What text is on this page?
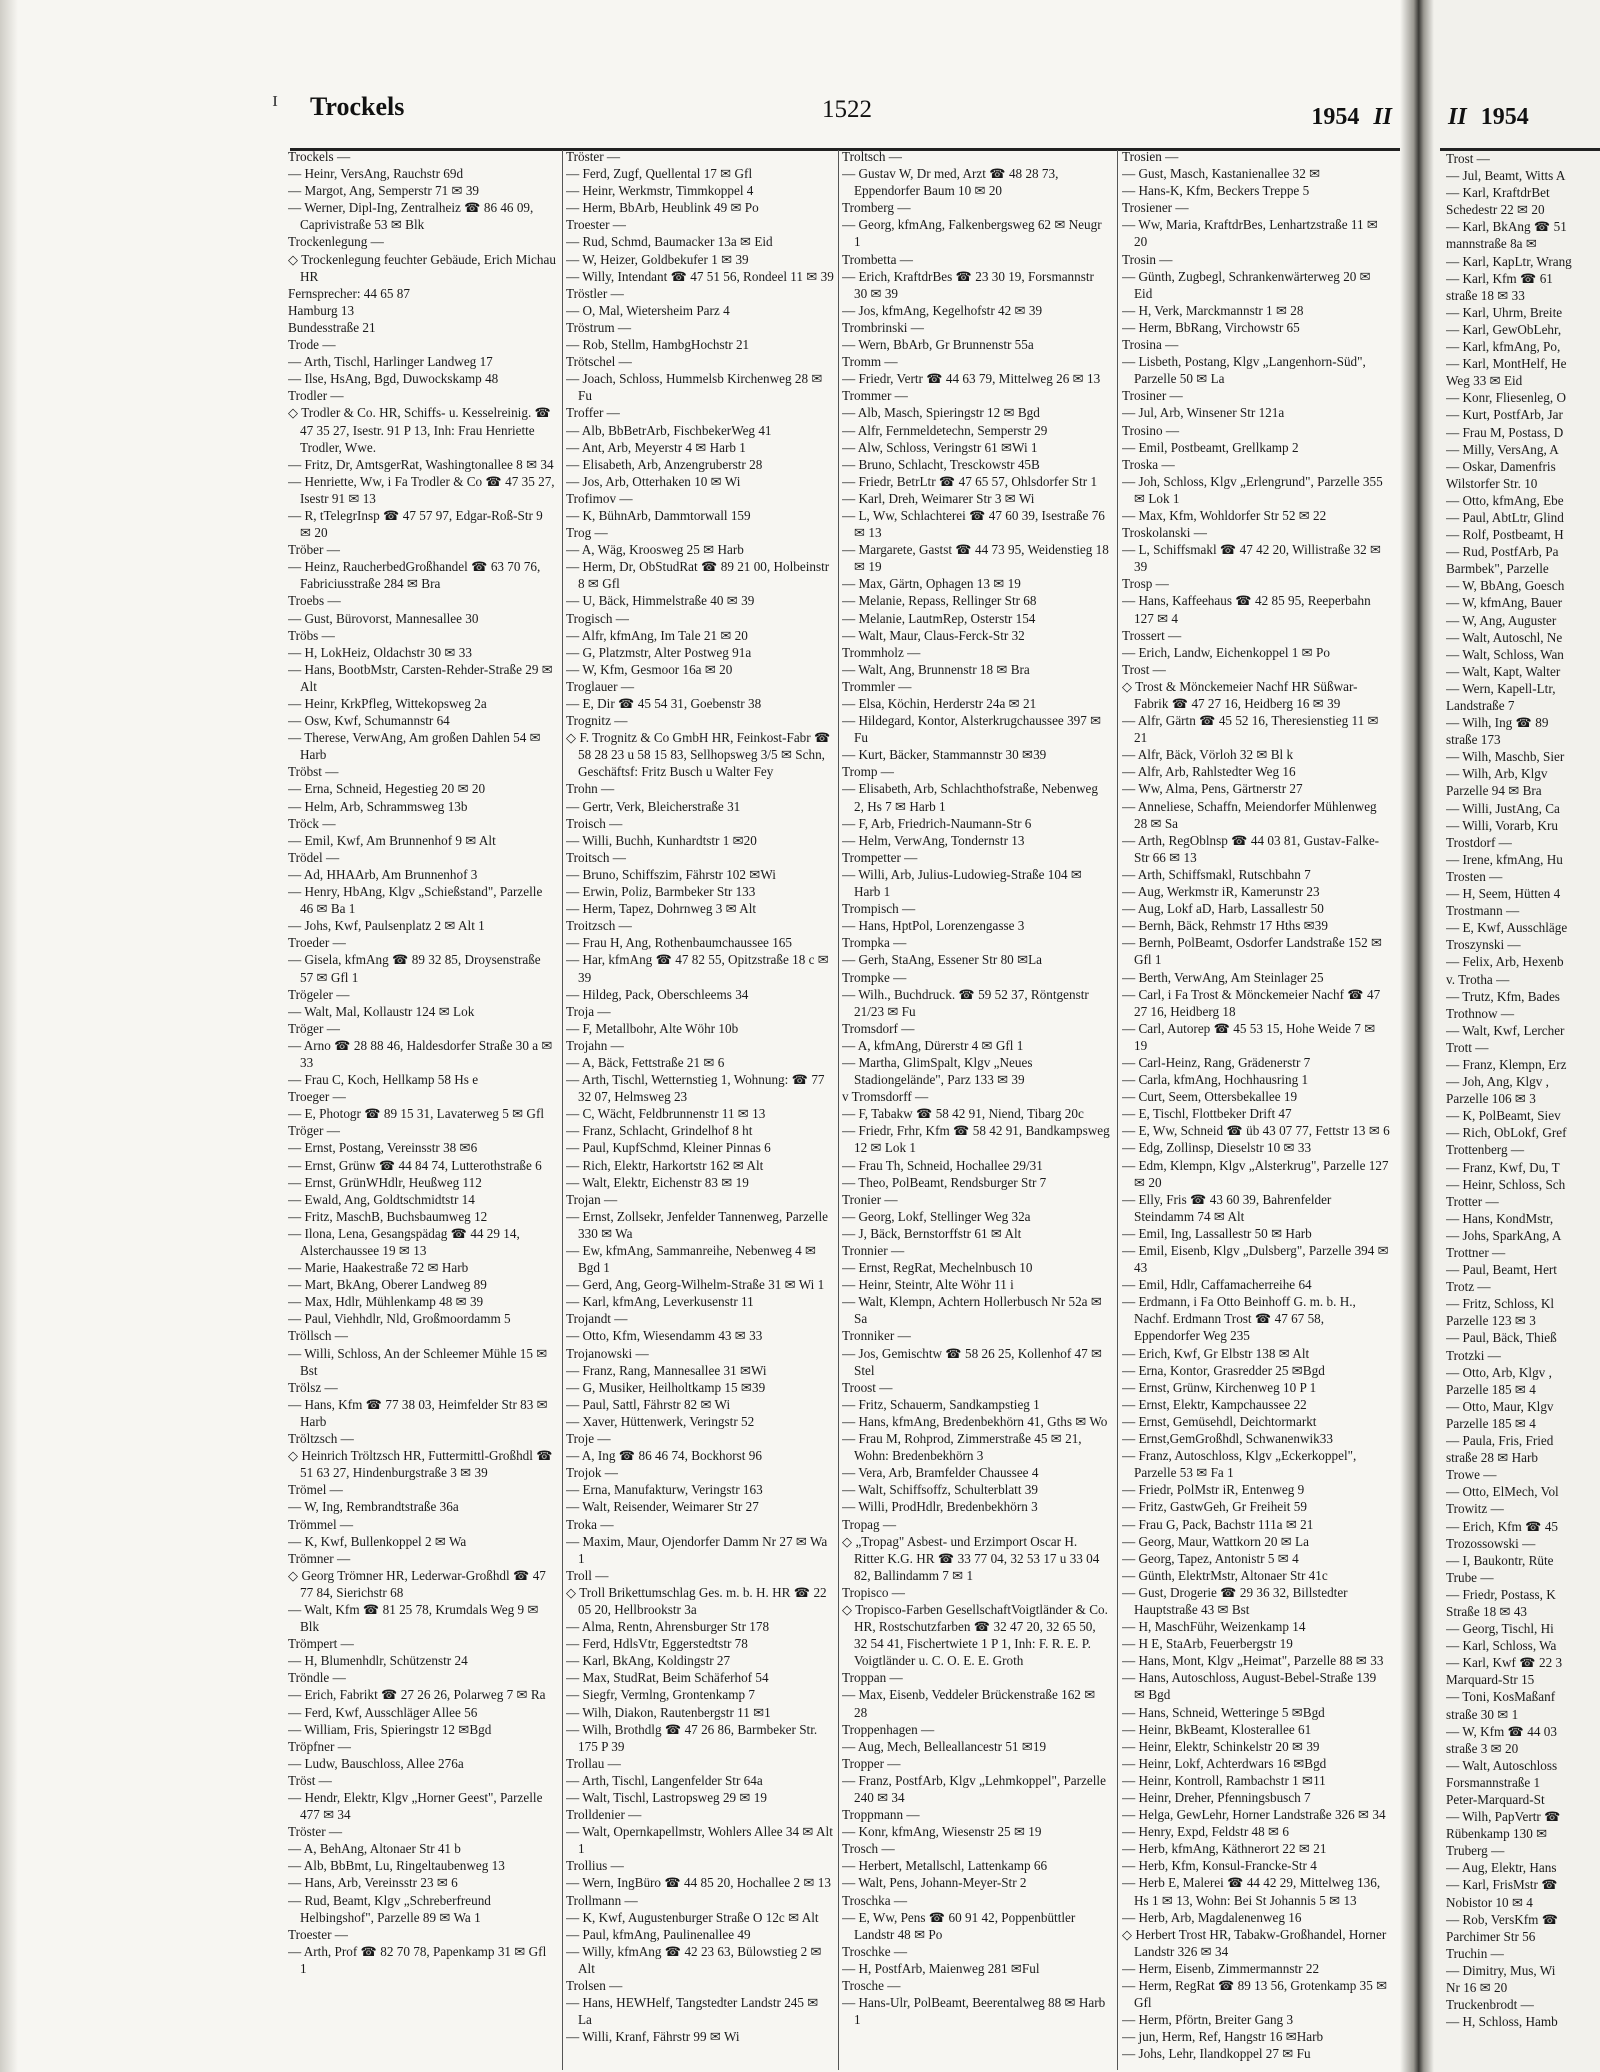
ɪ Trockels	1522	1954 II

Trockels —

— Heinr, VersAng, Rauchstr 69d

— Margot, Ang, Semperstr 71 ✉ 39

— Werner, Dipl-Ing, Zentralheiz ☎ 86 46 09, Caprivistraße 53 ✉ Blk

Trockenlegung —

◇ Trockenlegung feuchter Gebäude, Erich Michau HR

Fernsprecher: 44 65 87

Hamburg 13

Bundesstraße 21

Trode —

— Arth, Tischl, Harlinger Landweg 17

— Ilse, HsAng, Bgd, Duwockskamp 48

Trodler —

◇ Trodler & Co. HR, Schiffs- u. Kesselreinig. ☎ 47 35 27, Isestr. 91 P 13, Inh: Frau Henriette Trodler, Wwe.

— Fritz, Dr, AmtsgerRat, Washingtonallee 8 ✉ 34

— Henriette, Ww, i Fa Trodler & Co ☎ 47 35 27, Isestr 91 ✉ 13

— R, tTelegrInsp ☎ 47 57 97, Edgar-Roß-Str 9 ✉ 20

Tröber —

— Heinz, RaucherbedGroßhandel ☎ 63 70 76, Fabriciusstraße 284 ✉ Bra

Troebs —

— Gust, Bürovorst, Mannesallee 30

Tröbs —

— H, LokHeiz, Oldachstr 30 ✉ 33

— Hans, BootbMstr, Carsten-Rehder-Straße 29 ✉ Alt

— Heinr, KrkPfleg, Wittekopsweg 2a

— Osw, Kwf, Schumannstr 64

— Therese, VerwAng, Am großen Dahlen 54 ✉ Harb

Tröbst —

— Erna, Schneid, Hegestieg 20 ✉ 20

— Helm, Arb, Schrammsweg 13b

Tröck —

— Emil, Kwf, Am Brunnenhof 9 ✉ Alt

Trödel —

— Ad, HHAArb, Am Brunnenhof 3

— Henry, HbAng, Klgv „Schießstand", Parzelle 46 ✉ Ba 1

— Johs, Kwf, Paulsenplatz 2 ✉ Alt 1

Troeder —

— Gisela, kfmAng ☎ 89 32 85, Droysenstraße 57 ✉ Gfl 1

Trögeler —

— Walt, Mal, Kollaustr 124 ✉ Lok

Tröger —

— Arno ☎ 28 88 46, Haldesdorfer Straße 30 a ✉ 33

— Frau C, Koch, Hellkamp 58 Hs e

Troeger —

— E, Photogr ☎ 89 15 31, Lavaterweg 5 ✉ Gfl

Tröger —

— Ernst, Postang, Vereinsstr 38 ✉6

— Ernst, Grünw ☎ 44 84 74, Lutterothstraße 6

— Ernst, GrünWHdlr, Heußweg 112

— Ewald, Ang, Goldtschmidtstr 14

— Fritz, MaschB, Buchsbaumweg 12

— Ilona, Lena, Gesangspädag ☎ 44 29 14, Alsterchaussee 19 ✉ 13

— Marie, Haakestraße 72 ✉ Harb

— Mart, BkAng, Oberer Landweg 89

— Max, Hdlr, Mühlenkamp 48 ✉ 39

— Paul, Viehhdlr, Nld, Großmoordamm 5

Tröllsch —

— Willi, Schloss, An der Schleemer Mühle 15 ✉ Bst

Trölsz —

— Hans, Kfm ☎ 77 38 03, Heimfelder Str 83 ✉ Harb

Tröltzsch —

◇ Heinrich Tröltzsch HR, Futtermittl-Großhdl ☎ 51 63 27, Hindenburgstraße 3 ✉ 39

Trömel —

— W, Ing, Rembrandtstraße 36a

Trömmel —

— K, Kwf, Bullenkoppel 2 ✉ Wa

Trömner —

◇ Georg Trömner HR, Lederwar-Großhdl ☎ 47 77 84, Sierichstr 68

— Walt, Kfm ☎ 81 25 78, Krumdals Weg 9 ✉ Blk

Trömpert —

— H, Blumenhdlr, Schützenstr 24

Tröndle —

— Erich, Fabrikt ☎ 27 26 26, Polarweg 7 ✉ Ra

— Ferd, Kwf, Ausschläger Allee 56

— William, Fris, Spieringstr 12 ✉Bgd

Tröpfner —

— Ludw, Bauschloss, Allee 276a

Tröst —

— Hendr, Elektr, Klgv „Horner Geest", Parzelle 477 ✉ 34

Tröster —

— A, BehAng, Altonaer Str 41 b

— Alb, BbBmt, Lu, Ringeltaubenweg 13

— Hans, Arb, Vereinsstr 23 ✉ 6

— Rud, Beamt, Klgv „Schreberfreund Helbingshof", Parzelle 89 ✉ Wa 1

Troester —

— Arth, Prof ☎ 82 70 78, Papenkamp 31 ✉ Gfl 1

Tröster —

— Ferd, Zugf, Quellental 17 ✉ Gfl

— Heinr, Werkmstr, Timmkoppel 4

— Herm, BbArb, Heublink 49 ✉ Po

Troester —

— Rud, Schmd, Baumacker 13a ✉ Eid

— W, Heizer, Goldbekufer 1 ✉ 39

— Willy, Intendant ☎ 47 51 56, Rondeel 11 ✉ 39

Tröstler —

— O, Mal, Wietersheim Parz 4

Tröstrum —

— Rob, Stellm, HambgHochstr 21

Trötschel —

— Joach, Schloss, Hummelsb Kirchenweg 28 ✉ Fu

Troffer —

— Alb, BbBetrArb, FischbekerWeg 41

— Ant, Arb, Meyerstr 4 ✉ Harb 1

— Elisabeth, Arb, Anzengruberstr 28

— Jos, Arb, Otterhaken 10 ✉ Wi

Trofimov —

— K, BühnArb, Dammtorwall 159

Trog —

— A, Wäg, Kroosweg 25 ✉ Harb

— Herm, Dr, ObStudRat ☎ 89 21 00, Holbeinstr 8 ✉ Gfl

— U, Bäck, Himmelstraße 40 ✉ 39

Trogisch —

— Alfr, kfmAng, Im Tale 21 ✉ 20

— G, Platzmstr, Alter Postweg 91a

— W, Kfm, Gesmoor 16a ✉ 20

Troglauer —

— E, Dir ☎ 45 54 31, Goebenstr 38

Trognitz —

◇ F. Trognitz & Co GmbH HR, Feinkost-Fabr ☎ 58 28 23 u 58 15 83, Sellhopsweg 3/5 ✉ Schn, Geschäftsf: Fritz Busch u Walter Fey

Trohn —

— Gertr, Verk, Bleicherstraße 31

Troisch —

— Willi, Buchh, Kunhardtstr 1 ✉20

Troitsch —

— Bruno, Schiffszim, Fährstr 102 ✉Wi

— Erwin, Poliz, Barmbeker Str 133

— Herm, Tapez, Dohrnweg 3 ✉ Alt

Troitzsch —

— Frau H, Ang, Rothenbaumchaussee 165

— Har, kfmAng ☎ 47 82 55, Opitzstraße 18 c ✉ 39

— Hildeg, Pack, Oberschleems 34

Troja —

— F, Metallbohr, Alte Wöhr 10b

Trojahn —

— A, Bäck, Fettstraße 21 ✉ 6

— Arth, Tischl, Wetternstieg 1, Wohnung: ☎ 77 32 07, Helmsweg 23

— C, Wächt, Feldbrunnenstr 11 ✉ 13

— Franz, Schlacht, Grindelhof 8 ht

— Paul, KupfSchmd, Kleiner Pinnas 6

— Rich, Elektr, Harkortstr 162 ✉ Alt

— Walt, Elektr, Eichenstr 83 ✉ 19

Trojan —

— Ernst, Zollsekr, Jenfelder Tannenweg, Parzelle 330 ✉ Wa

— Ew, kfmAng, Sammanreihe, Nebenweg 4 ✉ Bgd 1

— Gerd, Ang, Georg-Wilhelm-Straße 31 ✉ Wi 1

— Karl, kfmAng, Leverkusenstr 11

Trojandt —

— Otto, Kfm, Wiesendamm 43 ✉ 33

Trojanowski —

— Franz, Rang, Mannesallee 31 ✉Wi

— G, Musiker, Heilholtkamp 15 ✉39

— Paul, Sattl, Fährstr 82 ✉ Wi

— Xaver, Hüttenwerk, Veringstr 52

Troje —

— A, Ing ☎ 86 46 74, Bockhorst 96

Trojok —

— Erna, Manufakturw, Veringstr 163

— Walt, Reisender, Weimarer Str 27

Troka —

— Maxim, Maur, Ojendorfer Damm Nr 27 ✉ Wa 1

Troll —

◇ Troll Brikettumschlag Ges. m. b. H. HR ☎ 22 05 20, Hellbrookstr 3a

— Alma, Rentn, Ahrensburger Str 178

— Ferd, HdlsVtr, Eggerstedtstr 78

— Karl, BkAng, Koldingstr 27

— Max, StudRat, Beim Schäferhof 54

— Siegfr, Vermlng, Grontenkamp 7

— Wilh, Diakon, Rautenbergstr 11 ✉1

— Wilh, Brothdlg ☎ 47 26 86, Barmbeker Str. 175 P 39

Trollau —

— Arth, Tischl, Langenfelder Str 64a

— Walt, Tischl, Lastropsweg 29 ✉ 19

Trolldenier —

— Walt, Opernkapellmstr, Wohlers Allee 34 ✉ Alt 1

Trollius —

— Wern, IngBüro ☎ 44 85 20, Hochallee 2 ✉ 13

Trollmann —

— K, Kwf, Augustenburger Straße O 12c ✉ Alt

— Paul, kfmAng, Paulinenallee 49

— Willy, kfmAng ☎ 42 23 63, Bülowstieg 2 ✉ Alt

Trolsen —

— Hans, HEWHelf, Tangstedter Landstr 245 ✉ La

— Willi, Kranf, Fährstr 99 ✉ Wi

Troltsch —

— Gustav W, Dr med, Arzt ☎ 48 28 73, Eppendorfer Baum 10 ✉ 20

Tromberg —

— Georg, kfmAng, Falkenbergsweg 62 ✉ Neugr 1

Trombetta —

— Erich, KraftdrBes ☎ 23 30 19, Forsmannstr 30 ✉ 39

— Jos, kfmAng, Kegelhofstr 42 ✉ 39

Trombrinski —

— Wern, BbArb, Gr Brunnenstr 55a

Tromm —

— Friedr, Vertr ☎ 44 63 79, Mittelweg 26 ✉ 13

Trommer —

— Alb, Masch, Spieringstr 12 ✉ Bgd

— Alfr, Fernmeldetechn, Semperstr 29

— Alw, Schloss, Veringstr 61 ✉Wi 1

— Bruno, Schlacht, Tresckowstr 45B

— Friedr, BetrLtr ☎ 47 65 57, Ohlsdorfer Str 1

— Karl, Dreh, Weimarer Str 3 ✉ Wi

— L, Ww, Schlachterei ☎ 47 60 39, Isestraße 76 ✉ 13

— Margarete, Gastst ☎ 44 73 95, Weidenstieg 18 ✉ 19

— Max, Gärtn, Ophagen 13 ✉ 19

— Melanie, Repass, Rellinger Str 68

— Melanie, LautmRep, Osterstr 154

— Walt, Maur, Claus-Ferck-Str 32

Trommholz —

— Walt, Ang, Brunnenstr 18 ✉ Bra

Trommler —

— Elsa, Köchin, Herderstr 24a ✉ 21

— Hildegard, Kontor, Alsterkrugchaussee 397 ✉ Fu

— Kurt, Bäcker, Stammannstr 30 ✉39

Tromp —

— Elisabeth, Arb, Schlachthofstraße, Nebenweg 2, Hs 7 ✉ Harb 1

— F, Arb, Friedrich-Naumann-Str 6

— Helm, VerwAng, Tondernstr 13

Trompetter —

— Willi, Arb, Julius-Ludowieg-Straße 104 ✉ Harb 1

Trompisch —

— Hans, HptPol, Lorenzengasse 3

Trompka —

— Gerh, StaAng, Essener Str 80 ✉La

Trompke —

— Wilh., Buchdruck. ☎ 59 52 37, Röntgenstr 21/23 ✉ Fu

Tromsdorf —

— A, kfmAng, Dürerstr 4 ✉ Gfl 1

— Martha, GlimSpalt, Klgv „Neues Stadiongelände", Parz 133 ✉ 39

v Tromsdorff —

— F, Tabakw ☎ 58 42 91, Niend, Tibarg 20c

— Friedr, Frhr, Kfm ☎ 58 42 91, Bandkampsweg 12 ✉ Lok 1

— Frau Th, Schneid, Hochallee 29/31

— Theo, PolBeamt, Rendsburger Str 7

Tronier —

— Georg, Lokf, Stellinger Weg 32a

— J, Bäck, Bernstorffstr 61 ✉ Alt

Tronnier —

— Ernst, RegRat, Mechelnbusch 10

— Heinr, Steintr, Alte Wöhr 11 i

— Walt, Klempn, Achtern Hollerbusch Nr 52a ✉ Sa

Tronniker —

— Jos, Gemischtw ☎ 58 26 25, Kollenhof 47 ✉ Stel

Troost —

— Fritz, Schauerm, Sandkampstieg 1

— Hans, kfmAng, Bredenbekhörn 41, Gths ✉ Wo

— Frau M, Rohprod, Zimmerstraße 45 ✉ 21, Wohn: Bredenbekhörn 3

— Vera, Arb, Bramfelder Chaussee 4

— Walt, Schiffsoffz, Schulterblatt 39

— Willi, ProdHdlr, Bredenbekhörn 3

Tropag —

◇ „Tropag" Asbest- und Erzimport Oscar H. Ritter K.G. HR ☎ 33 77 04, 32 53 17 u 33 04 82, Ballindamm 7 ✉ 1

Tropisco —

◇ Tropisco-Farben GesellschaftVoigtländer & Co. HR, Rostschutzfarben ☎ 32 47 20, 32 65 50, 32 54 41, Fischertwiete 1 P 1, Inh: F. R. E. P. Voigtländer u. C. O. E. E. Groth

Troppan —

— Max, Eisenb, Veddeler Brückenstraße 162 ✉ 28

Troppenhagen —

— Aug, Mech, Belleallancestr 51 ✉19

Tropper —

— Franz, PostfArb, Klgv „Lehmkoppel", Parzelle 240 ✉ 34

Troppmann —

— Konr, kfmAng, Wiesenstr 25 ✉ 19

Trosch —

— Herbert, Metallschl, Lattenkamp 66

— Walt, Pens, Johann-Meyer-Str 2

Troschka —

— E, Ww, Pens ☎ 60 91 42, Poppenbüttler Landstr 48 ✉ Po

Troschke —

— H, PostfArb, Maienweg 281 ✉Ful

Trosche —

— Hans-Ulr, PolBeamt, Beerentalweg 88 ✉ Harb 1

Trosien —

— Gust, Masch, Kastanienallee 32 ✉

— Hans-K, Kfm, Beckers Treppe 5

Trosiener —

— Ww, Maria, KraftdrBes, Lenhartzstraße 11 ✉ 20

Trosin —

— Günth, Zugbegl, Schrankenwärterweg 20 ✉ Eid

— H, Verk, Marckmannstr 1 ✉ 28

— Herm, BbRang, Virchowstr 65

Trosina —

— Lisbeth, Postang, Klgv „Langenhorn-Süd", Parzelle 50 ✉ La

Trosiner —

— Jul, Arb, Winsener Str 121a

Trosino —

— Emil, Postbeamt, Grellkamp 2

Troska —

— Joh, Schloss, Klgv „Erlengrund", Parzelle 355 ✉ Lok 1

— Max, Kfm, Wohldorfer Str 52 ✉ 22

Troskolanski —

— L, Schiffsmakl ☎ 47 42 20, Willistraße 32 ✉ 39

Trosp —

— Hans, Kaffeehaus ☎ 42 85 95, Reeperbahn 127 ✉ 4

Trossert —

— Erich, Landw, Eichenkoppel 1 ✉ Po

Trost —

◇ Trost & Mönckemeier Nachf HR Süßwar-Fabrik ☎ 47 27 16, Heidberg 16 ✉ 39

— Alfr, Gärtn ☎ 45 52 16, Theresienstieg 11 ✉ 21

— Alfr, Bäck, Vörloh 32 ✉ Bl k

— Alfr, Arb, Rahlstedter Weg 16

— Ww, Alma, Pens, Gärtnerstr 27

— Anneliese, Schaffn, Meiendorfer Mühlenweg 28 ✉ Sa

— Arth, RegOblnsp ☎ 44 03 81, Gustav-Falke-Str 66 ✉ 13

— Arth, Schiffsmakl, Rutschbahn 7

— Aug, Werkmstr iR, Kamerunstr 23

— Aug, Lokf aD, Harb, Lassallestr 50

— Bernh, Bäck, Rehmstr 17 Hths ✉39

— Bernh, PolBeamt, Osdorfer Landstraße 152 ✉ Gfl 1

— Berth, VerwAng, Am Steinlager 25

— Carl, i Fa Trost & Mönckemeier Nachf ☎ 47 27 16, Heidberg 18

— Carl, Autorep ☎ 45 53 15, Hohe Weide 7 ✉ 19

— Carl-Heinz, Rang, Grädenerstr 7

— Carla, kfmAng, Hochhausring 1

— Curt, Seem, Ottersbekallee 19

— E, Tischl, Flottbeker Drift 47

— E, Ww, Schneid ☎ üb 43 07 77, Fettstr 13 ✉ 6

— Edg, Zollinsp, Dieselstr 10 ✉ 33

— Edm, Klempn, Klgv „Alsterkrug", Parzelle 127 ✉ 20

— Elly, Fris ☎ 43 60 39, Bahrenfelder Steindamm 74 ✉ Alt

— Emil, Ing, Lassallestr 50 ✉ Harb

— Emil, Eisenb, Klgv „Dulsberg", Parzelle 394 ✉ 43

— Emil, Hdlr, Caffamacherreihe 64

— Erdmann, i Fa Otto Beinhoff G. m. b. H., Nachf. Erdmann Trost ☎ 47 67 58, Eppendorfer Weg 235

— Erich, Kwf, Gr Elbstr 138 ✉ Alt

— Erna, Kontor, Grasredder 25 ✉Bgd

— Ernst, Grünw, Kirchenweg 10 P 1

— Ernst, Elektr, Kampchaussee 22

— Ernst, Gemüsehdl, Deichtormarkt

— Ernst,GemGroßhdl, Schwanenwik33

— Franz, Autoschloss, Klgv „Eckerkoppel", Parzelle 53 ✉ Fa 1

— Friedr, PolMstr iR, Entenweg 9

— Fritz, GastwGeh, Gr Freiheit 59

— Frau G, Pack, Bachstr 111a ✉ 21

— Georg, Maur, Wattkorn 20 ✉ La

— Georg, Tapez, Antonistr 5 ✉ 4

— Günth, ElektrMstr, Altonaer Str 41c

— Gust, Drogerie ☎ 29 36 32, Billstedter Hauptstraße 43 ✉ Bst

— H, MaschFühr, Weizenkamp 14

— H E, StaArb, Feuerbergstr 19

— Hans, Mont, Klgv „Heimat", Parzelle 88 ✉ 33

— Hans, Autoschloss, August-Bebel-Straße 139 ✉ Bgd

— Hans, Schneid, Wetteringe 5 ✉Bgd

— Heinr, BkBeamt, Klosterallee 61

— Heinr, Elektr, Schinkelstr 20 ✉ 39

— Heinr, Lokf, Achterdwars 16 ✉Bgd

— Heinr, Kontroll, Rambachstr 1 ✉11

— Heinr, Dreher, Pfenningsbusch 7

— Helga, GewLehr, Horner Landstraße 326 ✉ 34

— Henry, Expd, Feldstr 48 ✉ 6

— Herb, kfmAng, Käthnerort 22 ✉ 21

— Herb, Kfm, Konsul-Francke-Str 4

— Herb E, Malerei ☎ 44 42 29, Mittelweg 136, Hs 1 ✉ 13, Wohn: Bei St Johannis 5 ✉ 13

— Herb, Arb, Magdalenenweg 16

◇ Herbert Trost HR, Tabakw-Großhandel, Horner Landstr 326 ✉ 34

— Herm, Eisenb, Zimmermannstr 22

— Herm, RegRat ☎ 89 13 56, Grotenkamp 35 ✉ Gfl

— Herm, Pförtn, Breiter Gang 3

— jun, Herm, Ref, Hangstr 16 ✉Harb

— Johs, Lehr, Ilandkoppel 27 ✉ Fu

II 1954

Trost —

— Jul, Beamt, Witts A

— Karl, KraftdrBet

Schedestr 22 ✉ 20

— Karl, BkAng ☎ 51

mannstraße 8a ✉

— Karl, KapLtr, Wrang

— Karl, Kfm ☎ 61

straße 18 ✉ 33

— Karl, Uhrm, Breite

— Karl, GewObLehr,

— Karl, kfmAng, Po,

— Karl, MontHelf, He

Weg 33 ✉ Eid

— Konr, Fliesenleg, O

— Kurt, PostfArb, Jar

— Frau M, Postass, D

— Milly, VersAng, A

— Oskar, Damenfris

Wilstorfer Str. 10

— Otto, kfmAng, Ebe

— Paul, AbtLtr, Glind

— Rolf, Postbeamt, H

— Rud, PostfArb, Pa

Barmbek", Parzelle

— W, BbAng, Goesch

— W, kfmAng, Bauer

— W, Ang, Auguster

— Walt, Autoschl, Ne

— Walt, Schloss, Wan

— Walt, Kapt, Walter

— Wern, Kapell-Ltr,

Landstraße 7

— Wilh, Ing ☎ 89

straße 173

— Wilh, Maschb, Sier

— Wilh, Arb, Klgv

Parzelle 94 ✉ Bra

— Willi, JustAng, Ca

— Willi, Vorarb, Kru

Trostdorf —

— Irene, kfmAng, Hu

Trosten —

— H, Seem, Hütten 4

Trostmann —

— E, Kwf, Ausschläge

Troszynski —

— Felix, Arb, Hexenb

v. Trotha —

— Trutz, Kfm, Bades

Trothnow —

— Walt, Kwf, Lercher

Trott —

— Franz, Klempn, Erz

— Joh, Ang, Klgv ,

Parzelle 106 ✉ 3

— K, PolBeamt, Siev

— Rich, ObLokf, Gref

Trottenberg —

— Franz, Kwf, Du, T

— Heinr, Schloss, Sch

Trotter —

— Hans, KondMstr,

— Johs, SparkAng, A

Trottner —

— Paul, Beamt, Hert

Trotz —

— Fritz, Schloss, Kl

Parzelle 123 ✉ 3

— Paul, Bäck, Thieß

Trotzki —

— Otto, Arb, Klgv ,

Parzelle 185 ✉ 4

— Otto, Maur, Klgv

Parzelle 185 ✉ 4

— Paula, Fris, Fried

straße 28 ✉ Harb

Trowe —

— Otto, ElMech, Vol

Trowitz —

— Erich, Kfm ☎ 45

Trozossowski —

— I, Baukontr, Rüte

Trube —

— Friedr, Postass, K

Straße 18 ✉ 43

— Georg, Tischl, Hi

— Karl, Schloss, Wa

— Karl, Kwf ☎ 22 3

Marquard-Str 15

— Toni, KosMaßanf

straße 30 ✉ 1

— W, Kfm ☎ 44 03

straße 3 ✉ 20

— Walt, Autoschloss

Forsmannstraße 1

Peter-Marquard-St

— Wilh, PapVertr ☎

Rübenkamp 130 ✉

Truberg —

— Aug, Elektr, Hans

— Karl, FrisMstr ☎

Nobistor 10 ✉ 4

— Rob, VersKfm ☎

Parchimer Str 56

Truchin —

— Dimitry, Mus, Wi

Nr 16 ✉ 20

Truckenbrodt —

— H, Schloss, Hamb
